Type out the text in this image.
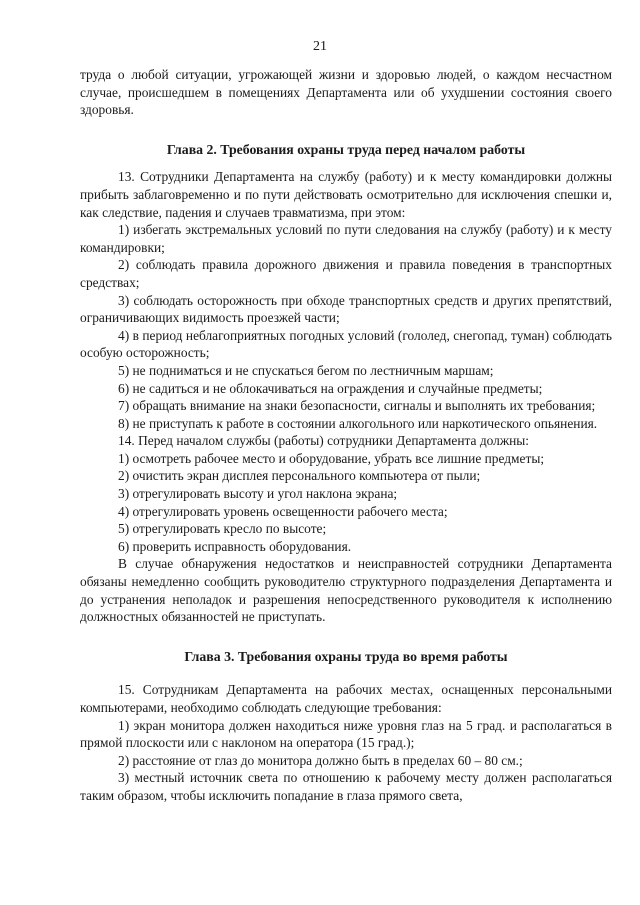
21

труда о любой ситуации, угрожающей жизни и здоровью людей, о каждом несчастном случае, происшедшем в помещениях Департамента или об ухудшении состояния своего здоровья.

Глава 2. Требования охраны труда перед началом работы

13. Сотрудники Департамента на службу (работу) и к месту командировки должны прибыть заблаговременно и по пути действовать осмотрительно для исключения спешки и, как следствие, падения и случаев травматизма, при этом:

1) избегать экстремальных условий по пути следования на службу (работу) и к месту командировки;

2) соблюдать правила дорожного движения и правила поведения в транспортных средствах;

3) соблюдать осторожность при обходе транспортных средств и других препятствий, ограничивающих видимость проезжей части;

4) в период неблагоприятных погодных условий (гололед, снегопад, туман) соблюдать особую осторожность;

5) не подниматься и не спускаться бегом по лестничным маршам;

6) не садиться и не облокачиваться на ограждения и случайные предметы;

7) обращать внимание на знаки безопасности, сигналы и выполнять их требования;

8) не приступать к работе в состоянии алкогольного или наркотического опьянения.

14. Перед началом службы (работы) сотрудники Департамента должны:

1) осмотреть рабочее место и оборудование, убрать все лишние предметы;

2) очистить экран дисплея персонального компьютера от пыли;

3) отрегулировать высоту и угол наклона экрана;

4) отрегулировать уровень освещенности рабочего места;

5) отрегулировать кресло по высоте;

6) проверить исправность оборудования.

В случае обнаружения недостатков и неисправностей сотрудники Департамента обязаны немедленно сообщить руководителю структурного подразделения Департамента и до устранения неполадок и разрешения непосредственного руководителя к исполнению должностных обязанностей не приступать.

Глава 3. Требования охраны труда во время работы

15. Сотрудникам Департамента на рабочих местах, оснащенных персональными компьютерами, необходимо соблюдать следующие требования:

1) экран монитора должен находиться ниже уровня глаз на 5 град. и располагаться в прямой плоскости или с наклоном на оператора (15 град.);

2) расстояние от глаз до монитора должно быть в пределах 60 – 80 см.;

3) местный источник света по отношению к рабочему месту должен располагаться таким образом, чтобы исключить попадание в глаза прямого света,
